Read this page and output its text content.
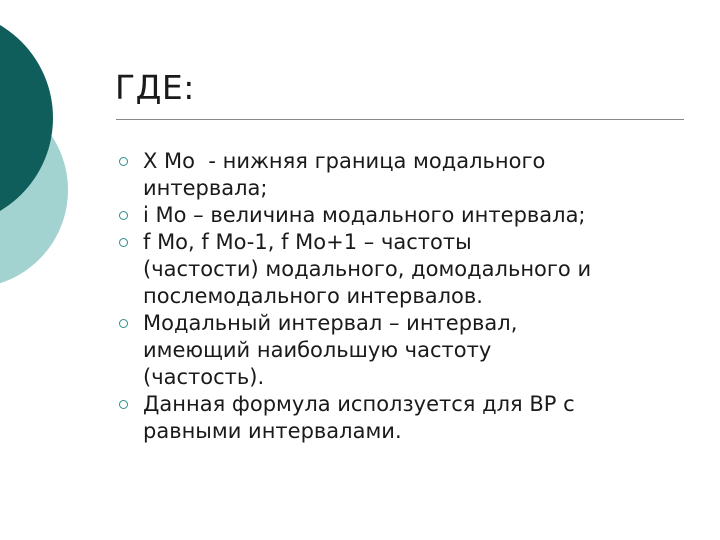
ГДЕ:
X Mo  - нижняя граница модального
интервала;
i Mo – величина модального интервала;
f Mo, f Mo-1, f Mo+1 – частоты
(частости) модального, домодального и
послемодального интервалов.
Модальный интервал – интервал,
имеющий наибольшую частоту
(частость).
Данная формула исползуется для ВР с
равными интервалами.
